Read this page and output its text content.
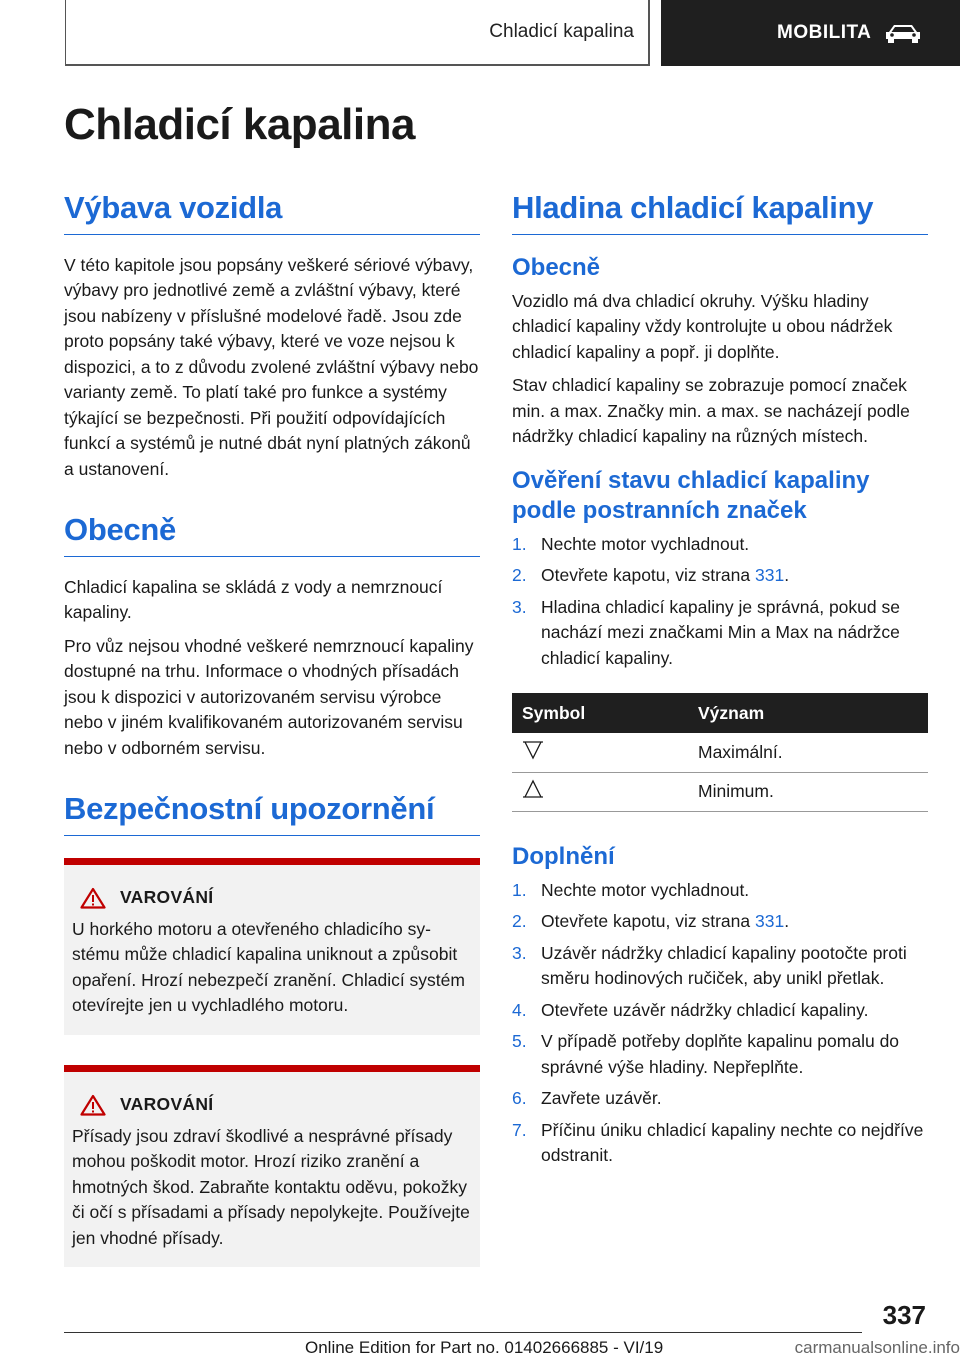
Chladicí kapalina	MOBILITA
Chladicí kapalina
Výbava vozidla

V této kapitole jsou popsány veškeré sériové výbavy, výbavy pro jednotlivé země a zvláštní výbavy, které jsou nabízeny v příslušné modelové řadě. Jsou zde proto popsány také výbavy, které ve voze nejsou k dispozici, a to z důvodu zvolené zvláštní výbavy nebo varianty země. To platí také pro funkce a systémy týkající se bezpečnosti. Při použití odpovídajících funkcí a systémů je nutné dbát nyní platných zákonů a ustanovení.

Obecně

Chladicí kapalina se skládá z vody a nemrznoucí kapaliny.

Pro vůz nejsou vhodné veškeré nemrznoucí kapaliny dostupné na trhu. Informace o vhodných přísadách jsou k dispozici v autorizovaném servisu výrobce nebo v jiném kvalifikovaném autorizovaném servisu nebo v odborném servisu.

Bezpečnostní upozornění
VAROVÁNÍ

U horkého motoru a otevřeného chladicího systému může chladicí kapalina uniknout a způsobit opaření. Hrozí nebezpečí zranění. Chladicí systém otevírejte jen u vychladlého motoru.

VAROVÁNÍ

Přísady jsou zdraví škodlivé a nesprávné přísady mohou poškodit motor. Hrozí riziko zranění a hmotných škod. Zabraňte kontaktu oděvu, pokožky či očí s přísadami a přísady nepolykejte. Používejte jen vhodné přísady.

Hladina chladicí kapaliny
Obecně

Vozidlo má dva chladicí okruhy. Výšku hladiny chladicí kapaliny vždy kontrolujte u obou nádržek chladicí kapaliny a popř. ji doplňte.

Stav chladicí kapaliny se zobrazuje pomocí značek min. a max. Značky min. a max. se nacházejí podle nádržky chladicí kapaliny na různých místech.

Ověření stavu chladicí kapaliny podle postranních značek
1. Nechte motor vychladnout.
2. Otevřete kapotu, viz strana 331.
3. Hladina chladicí kapaliny je správná, pokud se nachází mezi značkami Min a Max na nádržce chladicí kapaliny.
Symbol	Význam
	Maximální.
	Minimum.
Doplnění
1. Nechte motor vychladnout.
2. Otevřete kapotu, viz strana 331.
3. Uzávěr nádržky chladicí kapaliny pootočte proti směru hodinových ručiček, aby unikl přetlak.
4. Otevřete uzávěr nádržky chladicí kapaliny.
5. V případě potřeby doplňte kapalinu pomalu do správné výše hladiny. Nepřeplňte.
6. Zavřete uzávěr.
7. Příčinu úniku chladicí kapaliny nechte co nejdříve odstranit.
337
Online Edition for Part no. 01402666885 - VI/19	carmanualsonline.info
